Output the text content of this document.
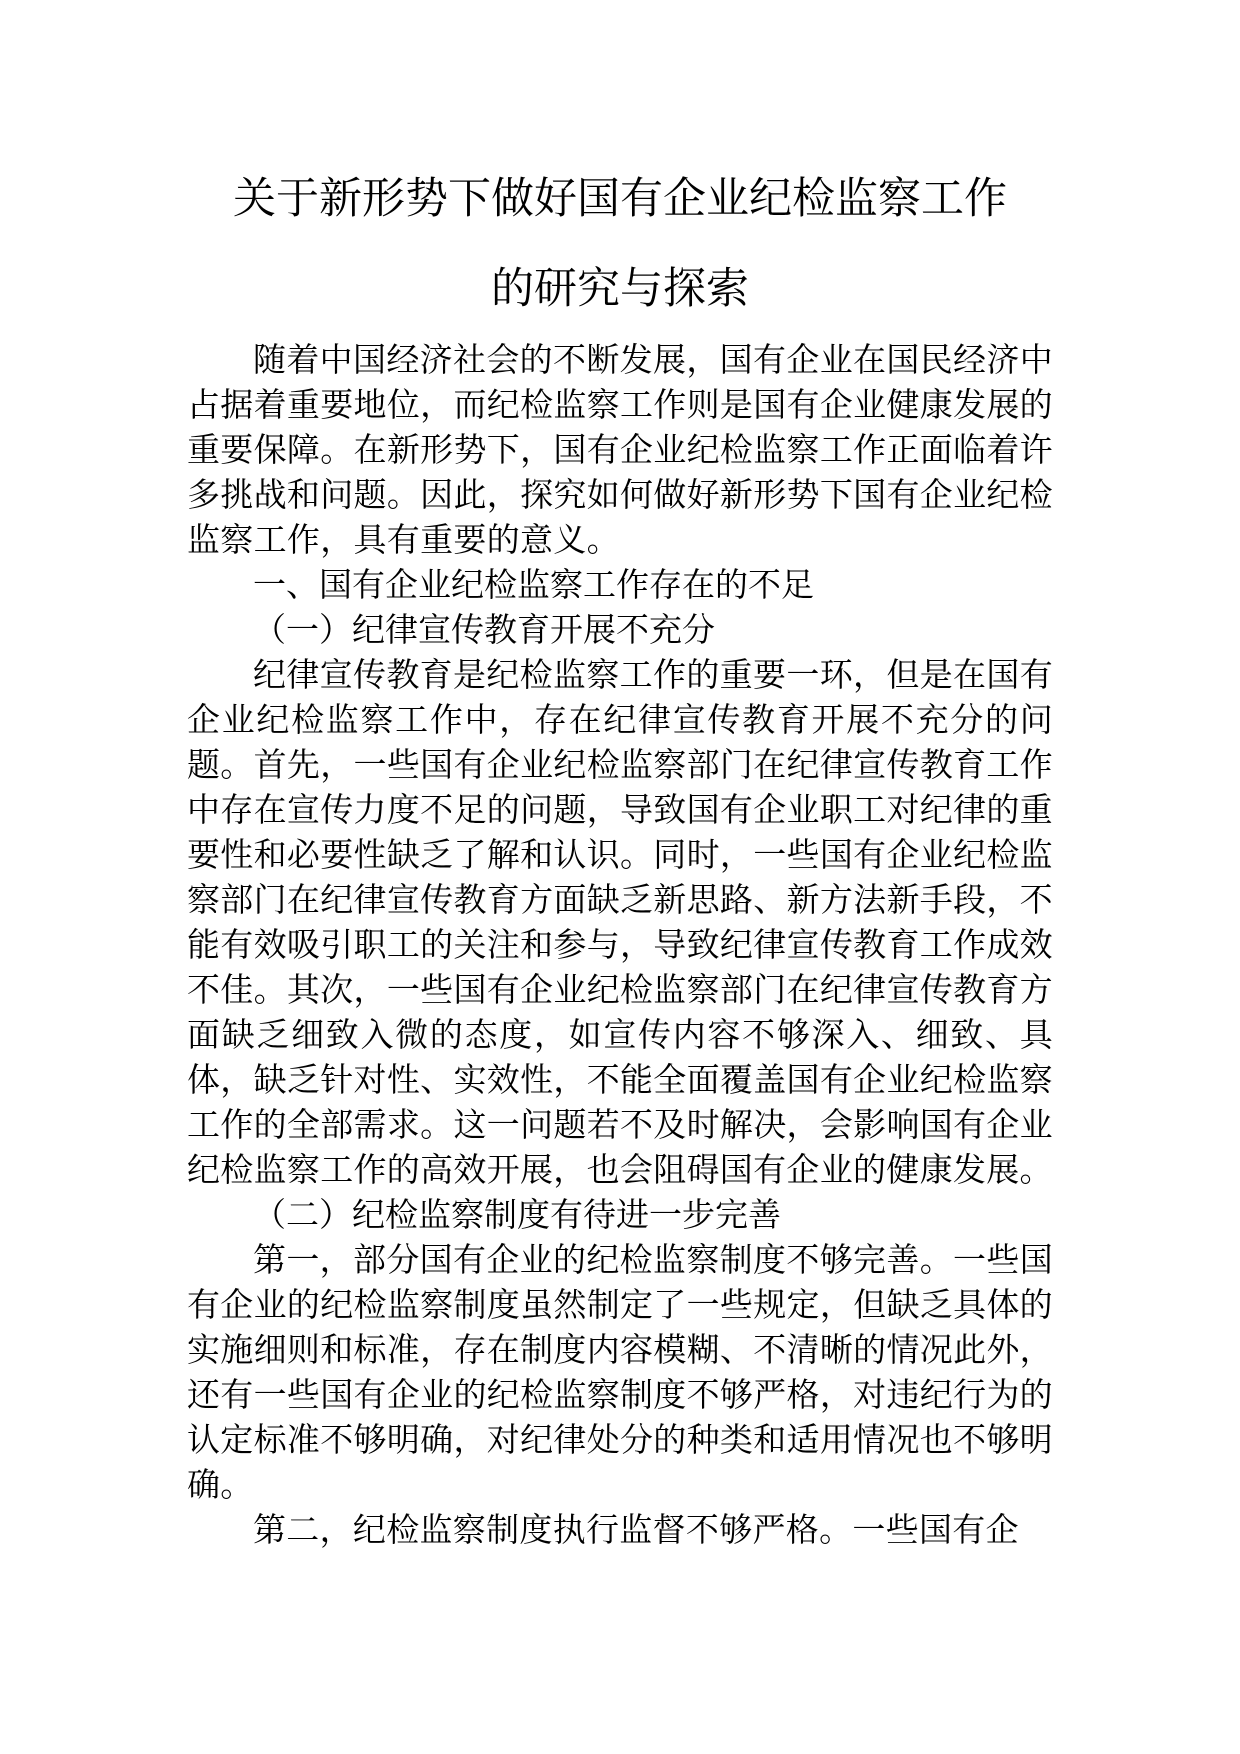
关于新形势下做好国有企业纪检监察工作
的研究与探索

随着中国经济社会的不断发展，国有企业在国民经济中占据着重要地位，而纪检监察工作则是国有企业健康发展的重要保障。在新形势下，国有企业纪检监察工作正面临着许多挑战和问题。因此，探究如何做好新形势下国有企业纪检监察工作，具有重要的意义。

一、国有企业纪检监察工作存在的不足

（一）纪律宣传教育开展不充分

纪律宣传教育是纪检监察工作的重要一环，但是在国有企业纪检监察工作中，存在纪律宣传教育开展不充分的问题。首先，一些国有企业纪检监察部门在纪律宣传教育工作中存在宣传力度不足的问题，导致国有企业职工对纪律的重要性和必要性缺乏了解和认识。同时，一些国有企业纪检监察部门在纪律宣传教育方面缺乏新思路、新方法新手段，不能有效吸引职工的关注和参与，导致纪律宣传教育工作成效不佳。其次，一些国有企业纪检监察部门在纪律宣传教育方面缺乏细致入微的态度，如宣传内容不够深入、细致、具体，缺乏针对性、实效性，不能全面覆盖国有企业纪检监察工作的全部需求。这一问题若不及时解决，会影响国有企业纪检监察工作的高效开展，也会阻碍国有企业的健康发展。

（二）纪检监察制度有待进一步完善

第一，部分国有企业的纪检监察制度不够完善。一些国有企业的纪检监察制度虽然制定了一些规定，但缺乏具体的实施细则和标准，存在制度内容模糊、不清晰的情况此外，还有一些国有企业的纪检监察制度不够严格，对违纪行为的认定标准不够明确，对纪律处分的种类和适用情况也不够明确。

第二，纪检监察制度执行监督不够严格。一些国有企
